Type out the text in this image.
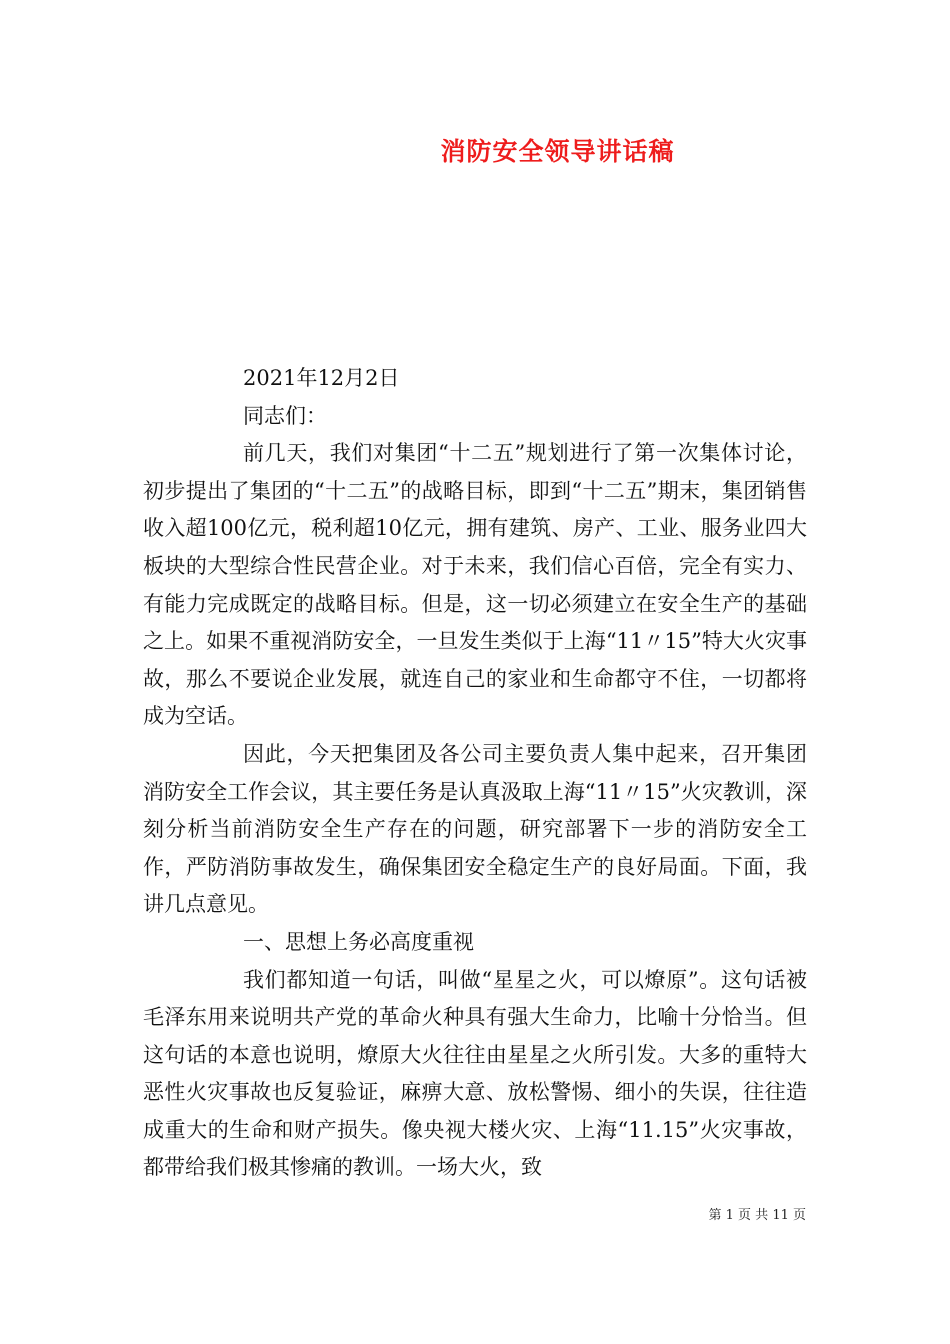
消防安全领导讲话稿

2021年12月2日

同志们：

前几天，我们对集团“十二五”规划进行了第一次集体讨论，初步提出了集团的“十二五”的战略目标，即到“十二五”期末，集团销售收入超100亿元，税利超10亿元，拥有建筑、房产、工业、服务业四大板块的大型综合性民营企业。对于未来，我们信心百倍，完全有实力、有能力完成既定的战略目标。但是，这一切必须建立在安全生产的基础之上。如果不重视消防安全，一旦发生类似于上海“11〃15”特大火灾事故，那么不要说企业发展，就连自己的家业和生命都守不住，一切都将成为空话。

因此，今天把集团及各公司主要负责人集中起来，召开集团消防安全工作会议，其主要任务是认真汲取上海“11〃15”火灾教训，深刻分析当前消防安全生产存在的问题，研究部署下一步的消防安全工作，严防消防事故发生，确保集团安全稳定生产的良好局面。下面，我讲几点意见。

一、思想上务必高度重视

我们都知道一句话，叫做“星星之火，可以燎原”。这句话被毛泽东用来说明共产党的革命火种具有强大生命力，比喻十分恰当。但这句话的本意也说明，燎原大火往往由星星之火所引发。大多的重特大恶性火灾事故也反复验证，麻痹大意、放松警惕、细小的失误，往往造成重大的生命和财产损失。像央视大楼火灾、上海“11.15”火灾事故，都带给我们极其惨痛的教训。一场大火，致

第 1 页 共 11 页
